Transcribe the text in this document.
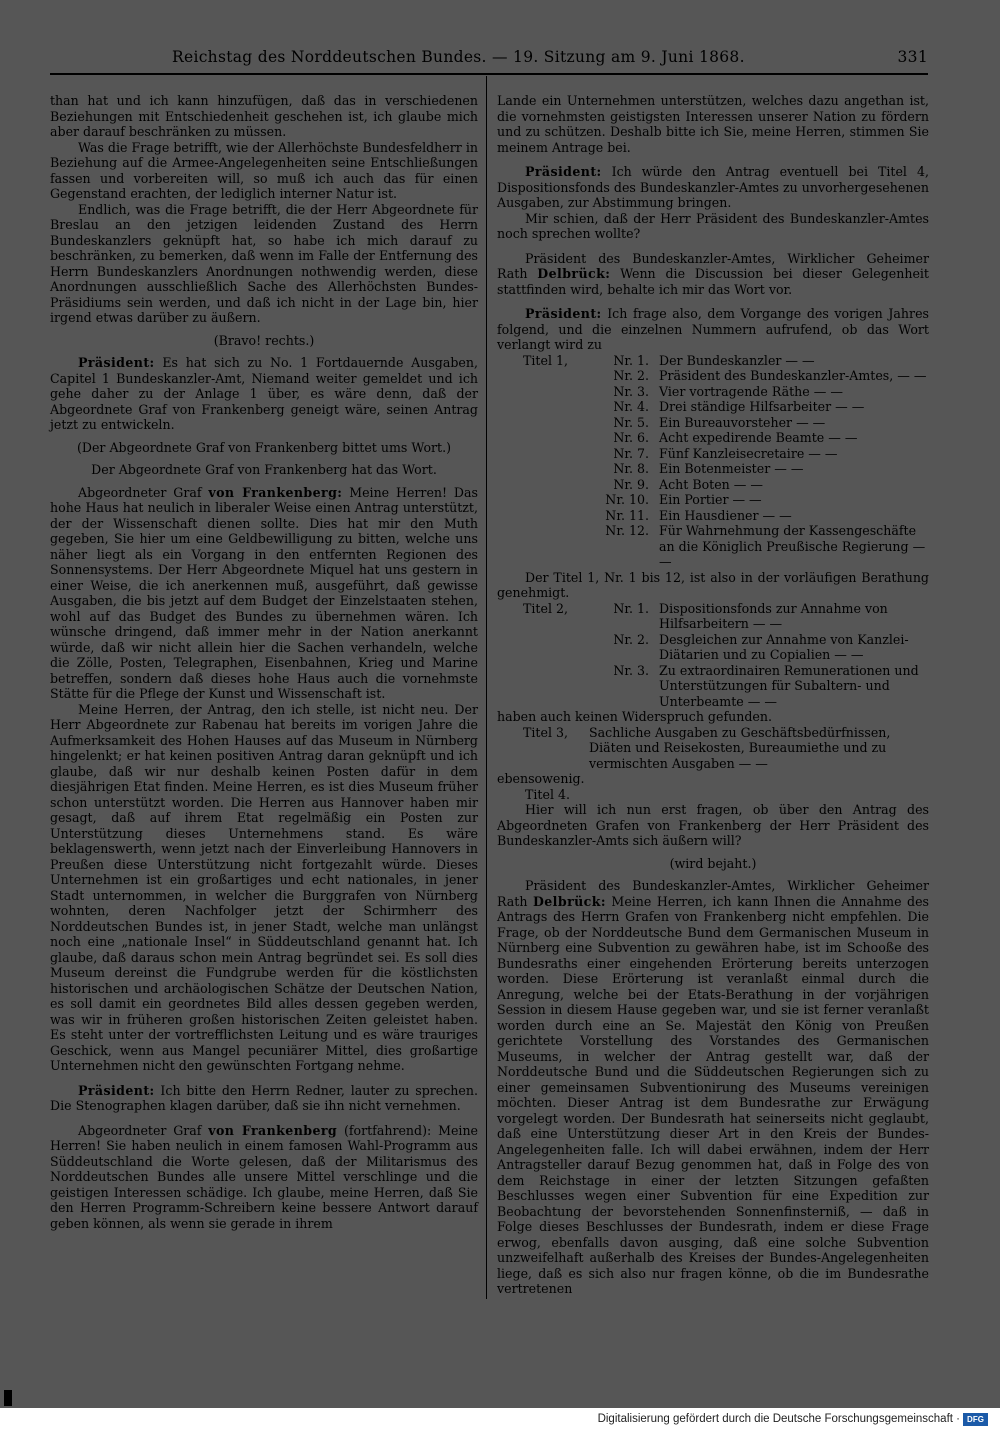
Reichstag des Norddeutschen Bundes. — 19. Sitzung am 9. Juni 1868.	331

than hat und ich kann hinzufügen, daß das in verschiedenen Beziehungen mit Entschiedenheit geschehen ist, ich glaube mich aber darauf beschränken zu müssen.

Was die Frage betrifft, wie der Allerhöchste Bundesfeldherr in Beziehung auf die Armee-Angelegenheiten seine Entschließungen fassen und vorbereiten will, so muß ich auch das für einen Gegenstand erachten, der lediglich interner Natur ist.

Endlich, was die Frage betrifft, die der Herr Abgeordnete für Breslau an den jetzigen leidenden Zustand des Herrn Bundeskanzlers geknüpft hat, so habe ich mich darauf zu beschränken, zu bemerken, daß wenn im Falle der Entfernung des Herrn Bundeskanzlers Anordnungen nothwendig werden, diese Anordnungen ausschließlich Sache des Allerhöchsten Bundes-Präsidiums sein werden, und daß ich nicht in der Lage bin, hier irgend etwas darüber zu äußern.

(Bravo! rechts.)

Präsident: Es hat sich zu No. 1 Fortdauernde Ausgaben, Capitel 1 Bundeskanzler-Amt, Niemand weiter gemeldet und ich gehe daher zu der Anlage 1 über, es wäre denn, daß der Abgeordnete Graf von Frankenberg geneigt wäre, seinen Antrag jetzt zu entwickeln.

(Der Abgeordnete Graf von Frankenberg bittet ums Wort.)

Der Abgeordnete Graf von Frankenberg hat das Wort.

Abgeordneter Graf von Frankenberg: Meine Herren! Das hohe Haus hat neulich in liberaler Weise einen Antrag unterstützt, der der Wissenschaft dienen sollte. Dies hat mir den Muth gegeben, Sie hier um eine Geldbewilligung zu bitten, welche uns näher liegt als ein Vorgang in den entfernten Regionen des Sonnensystems. Der Herr Abgeordnete Miquel hat uns gestern in einer Weise, die ich anerkennen muß, ausgeführt, daß gewisse Ausgaben, die bis jetzt auf dem Budget der Einzelstaaten stehen, wohl auf das Budget des Bundes zu übernehmen wären. Ich wünsche dringend, daß immer mehr in der Nation anerkannt würde, daß wir nicht allein hier die Sachen verhandeln, welche die Zölle, Posten, Telegraphen, Eisenbahnen, Krieg und Marine betreffen, sondern daß dieses hohe Haus auch die vornehmste Stätte für die Pflege der Kunst und Wissenschaft ist.

Meine Herren, der Antrag, den ich stelle, ist nicht neu. Der Herr Abgeordnete zur Rabenau hat bereits im vorigen Jahre die Aufmerksamkeit des Hohen Hauses auf das Museum in Nürnberg hingelenkt; er hat keinen positiven Antrag daran geknüpft und ich glaube, daß wir nur deshalb keinen Posten dafür in dem diesjährigen Etat finden. Meine Herren, es ist dies Museum früher schon unterstützt worden. Die Herren aus Hannover haben mir gesagt, daß auf ihrem Etat regelmäßig ein Posten zur Unterstützung dieses Unternehmens stand. Es wäre beklagenswerth, wenn jetzt nach der Einverleibung Hannovers in Preußen diese Unterstützung nicht fortgezahlt würde. Dieses Unternehmen ist ein großartiges und echt nationales, in jener Stadt unternommen, in welcher die Burggrafen von Nürnberg wohnten, deren Nachfolger jetzt der Schirmherr des Norddeutschen Bundes ist, in jener Stadt, welche man unlängst noch eine „nationale Insel“ in Süddeutschland genannt hat. Ich glaube, daß daraus schon mein Antrag begründet sei. Es soll dies Museum dereinst die Fundgrube werden für die köstlichsten historischen und archäologischen Schätze der Deutschen Nation, es soll damit ein geordnetes Bild alles dessen gegeben werden, was wir in früheren großen historischen Zeiten geleistet haben. Es steht unter der vortrefflichsten Leitung und es wäre trauriges Geschick, wenn aus Mangel pecuniärer Mittel, dies großartige Unternehmen nicht den gewünschten Fortgang nehme.

Präsident: Ich bitte den Herrn Redner, lauter zu sprechen. Die Stenographen klagen darüber, daß sie ihn nicht vernehmen.

Abgeordneter Graf von Frankenberg (fortfahrend): Meine Herren! Sie haben neulich in einem famosen Wahl-Programm aus Süddeutschland die Worte gelesen, daß der Militarismus des Norddeutschen Bundes alle unsere Mittel verschlinge und die geistigen Interessen schädige. Ich glaube, meine Herren, daß Sie den Herren Programm-Schreibern keine bessere Antwort darauf geben können, als wenn sie gerade in ihrem

Lande ein Unternehmen unterstützen, welches dazu angethan ist, die vornehmsten geistigsten Interessen unserer Nation zu fördern und zu schützen. Deshalb bitte ich Sie, meine Herren, stimmen Sie meinem Antrage bei.

Präsident: Ich würde den Antrag eventuell bei Titel 4, Dispositionsfonds des Bundeskanzler-Amtes zu unvorhergesehenen Ausgaben, zur Abstimmung bringen.

Mir schien, daß der Herr Präsident des Bundeskanzler-Amtes noch sprechen wollte?

Präsident des Bundeskanzler-Amtes, Wirklicher Geheimer Rath Delbrück: Wenn die Discussion bei dieser Gelegenheit stattfinden wird, behalte ich mir das Wort vor.

Präsident: Ich frage also, dem Vorgange des vorigen Jahres folgend, und die einzelnen Nummern aufrufend, ob das Wort verlangt wird zu

Titel 1,	Nr. 1. Der Bundeskanzler — —
Nr. 2. Präsident des Bundeskanzler-Amtes, — —
Nr. 3. Vier vortragende Räthe — —
Nr. 4. Drei ständige Hilfsarbeiter — —
Nr. 5. Ein Bureauvorsteher — —
Nr. 6. Acht expedirende Beamte — —
Nr. 7. Fünf Kanzleisecretaire — —
Nr. 8. Ein Botenmeister — —
Nr. 9. Acht Boten — —
Nr. 10. Ein Portier — —
Nr. 11. Ein Hausdiener — —
Nr. 12. Für Wahrnehmung der Kassengeschäfte an die Königlich Preußische Regierung — —

Der Titel 1, Nr. 1 bis 12, ist also in der vorläufigen Berathung genehmigt.

Titel 2,	Nr. 1. Dispositionsfonds zur Annahme von Hilfsarbeitern — —
Nr. 2. Desgleichen zur Annahme von Kanzlei-Diätarien und zu Copialien — —
Nr. 3. Zu extraordinairen Remunerationen und Unterstützungen für Subaltern- und Unterbeamte — —

haben auch keinen Widerspruch gefunden.

Titel 3,	Sachliche Ausgaben zu Geschäftsbedürfnissen, Diäten und Reisekosten, Bureaumiethe und zu vermischten Ausgaben — —

ebensowenig.

Titel 4.

Hier will ich nun erst fragen, ob über den Antrag des Abgeordneten Grafen von Frankenberg der Herr Präsident des Bundeskanzler-Amts sich äußern will?

(wird bejaht.)

Präsident des Bundeskanzler-Amtes, Wirklicher Geheimer Rath Delbrück: Meine Herren, ich kann Ihnen die Annahme des Antrags des Herrn Grafen von Frankenberg nicht empfehlen. Die Frage, ob der Norddeutsche Bund dem Germanischen Museum in Nürnberg eine Subvention zu gewähren habe, ist im Schooße des Bundesraths einer eingehenden Erörterung bereits unterzogen worden. Diese Erörterung ist veranlaßt einmal durch die Anregung, welche bei der Etats-Berathung in der vorjährigen Session in diesem Hause gegeben war, und sie ist ferner veranlaßt worden durch eine an Se. Majestät den König von Preußen gerichtete Vorstellung des Vorstandes des Germanischen Museums, in welcher der Antrag gestellt war, daß der Norddeutsche Bund und die Süddeutschen Regierungen sich zu einer gemeinsamen Subventionirung des Museums vereinigen möchten. Dieser Antrag ist dem Bundesrathe zur Erwägung vorgelegt worden. Der Bundesrath hat seinerseits nicht geglaubt, daß eine Unterstützung dieser Art in den Kreis der Bundes-Angelegenheiten falle. Ich will dabei erwähnen, indem der Herr Antragsteller darauf Bezug genommen hat, daß in Folge des von dem Reichstage in einer der letzten Sitzungen gefaßten Beschlusses wegen einer Subvention für eine Expedition zur Beobachtung der bevorstehenden Sonnenfinsterniß, — daß in Folge dieses Beschlusses der Bundesrath, indem er diese Frage erwog, ebenfalls davon ausging, daß eine solche Subvention unzweifelhaft außerhalb des Kreises der Bundes-Angelegenheiten liege, daß es sich also nur fragen könne, ob die im Bundesrathe vertretenen

Digitalisierung gefördert durch die Deutsche Forschungsgemeinschaft · DFG
